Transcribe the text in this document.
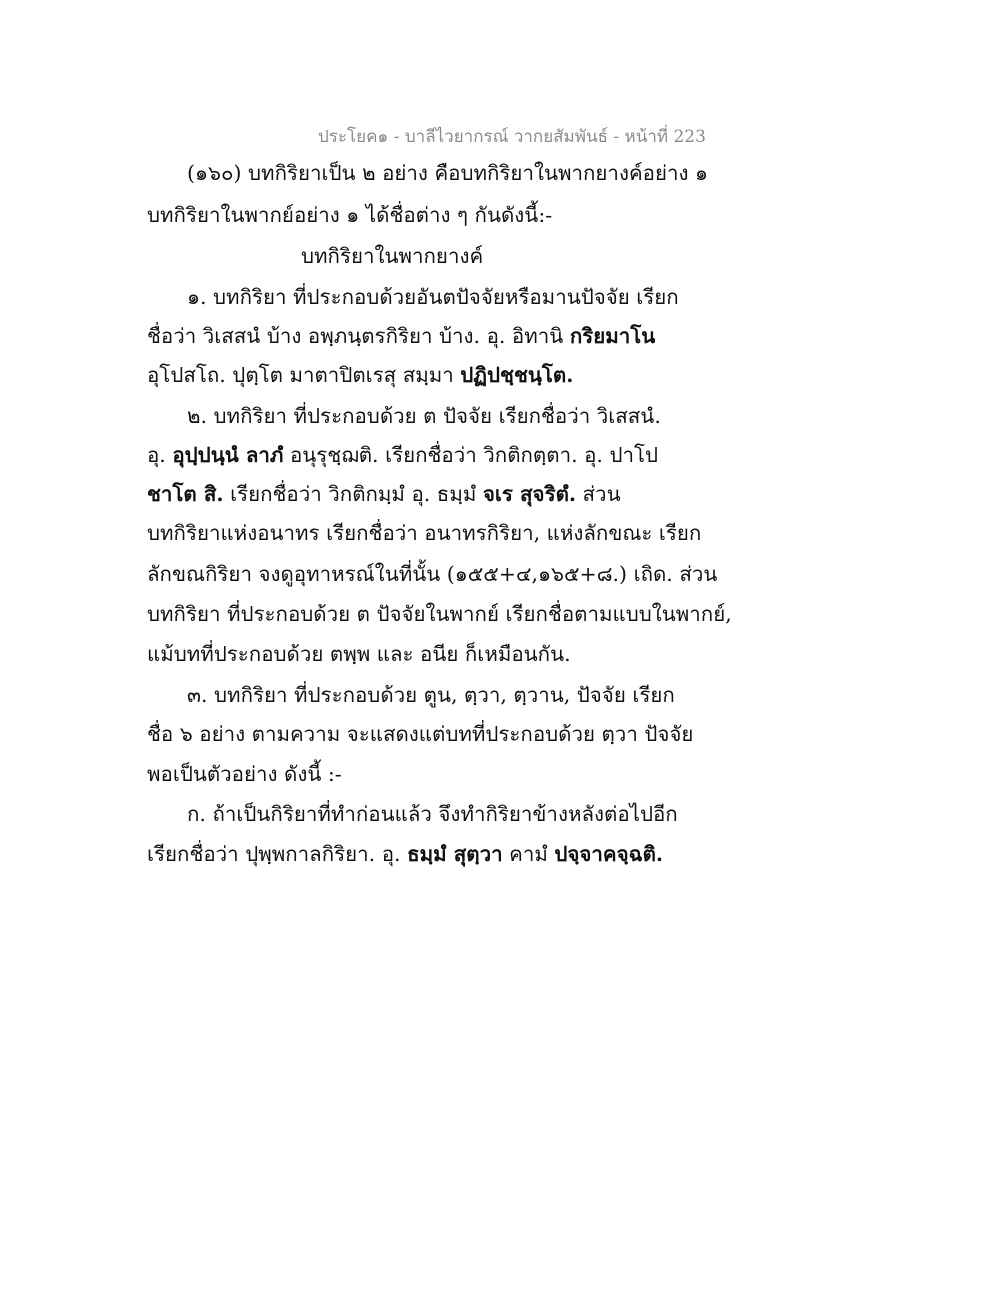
ประโยค๑ - บาลีไวยากรณ์ วากยสัมพันธ์ - หน้าที่ 223
(๑๖๐) บทกิริยาเป็น ๒ อย่าง คือบทกิริยาในพากยางค์อย่าง ๑
บทกิริยาในพากย์อย่าง ๑ ได้ชื่อต่าง ๆ กันดังนี้:-
บทกิริยาในพากยางค์
๑. บทกิริยา ที่ประกอบด้วยอันตปัจจัยหรือมานปัจจัย เรียก
ชื่อว่า วิเสสนํ บ้าง อพฺภนฺตรกิริยา บ้าง. อุ. อิทานิ กริยมาโน
อุโปสโถ. ปุตฺโต มาตาปิตเรสุ สมฺมา ปฏิปชฺชนฺโต.
๒. บทกิริยา ที่ประกอบด้วย ต ปัจจัย เรียกชื่อว่า วิเสสนํ.
อุ. อุปฺปนฺนํ ลาภํ อนุรุชฺฌติ. เรียกชื่อว่า วิกติกตฺตา. อุ. ปาโป
ชาโต สิ. เรียกชื่อว่า วิกติกมฺมํ อุ. ธมฺมํ จเร สุจริตํ. ส่วน
บทกิริยาแห่งอนาทร เรียกชื่อว่า อนาทรกิริยา, แห่งลักขณะ เรียก
ลักขณกิริยา จงดูอุทาหรณ์ในที่นั้น (๑๕๕+๔,๑๖๕+๘.) เถิด. ส่วน
บทกิริยา ที่ประกอบด้วย ต ปัจจัยในพากย์ เรียกชื่อตามแบบในพากย์,
แม้บทที่ประกอบด้วย ตพฺพ และ อนีย ก็เหมือนกัน.
๓. บทกิริยา ที่ประกอบด้วย ตูน, ตฺวา, ตฺวาน, ปัจจัย เรียก
ชื่อ ๖ อย่าง ตามความ จะแสดงแต่บทที่ประกอบด้วย ตฺวา ปัจจัย
พอเป็นตัวอย่าง ดังนี้ :-
ก. ถ้าเป็นกิริยาที่ทำก่อนแล้ว จึงทำกิริยาข้างหลังต่อไปอีก
เรียกชื่อว่า ปุพฺพกาลกิริยา. อุ. ธมฺมํ สุตฺวา คามํ ปจฺจาคจฺฉติ.
